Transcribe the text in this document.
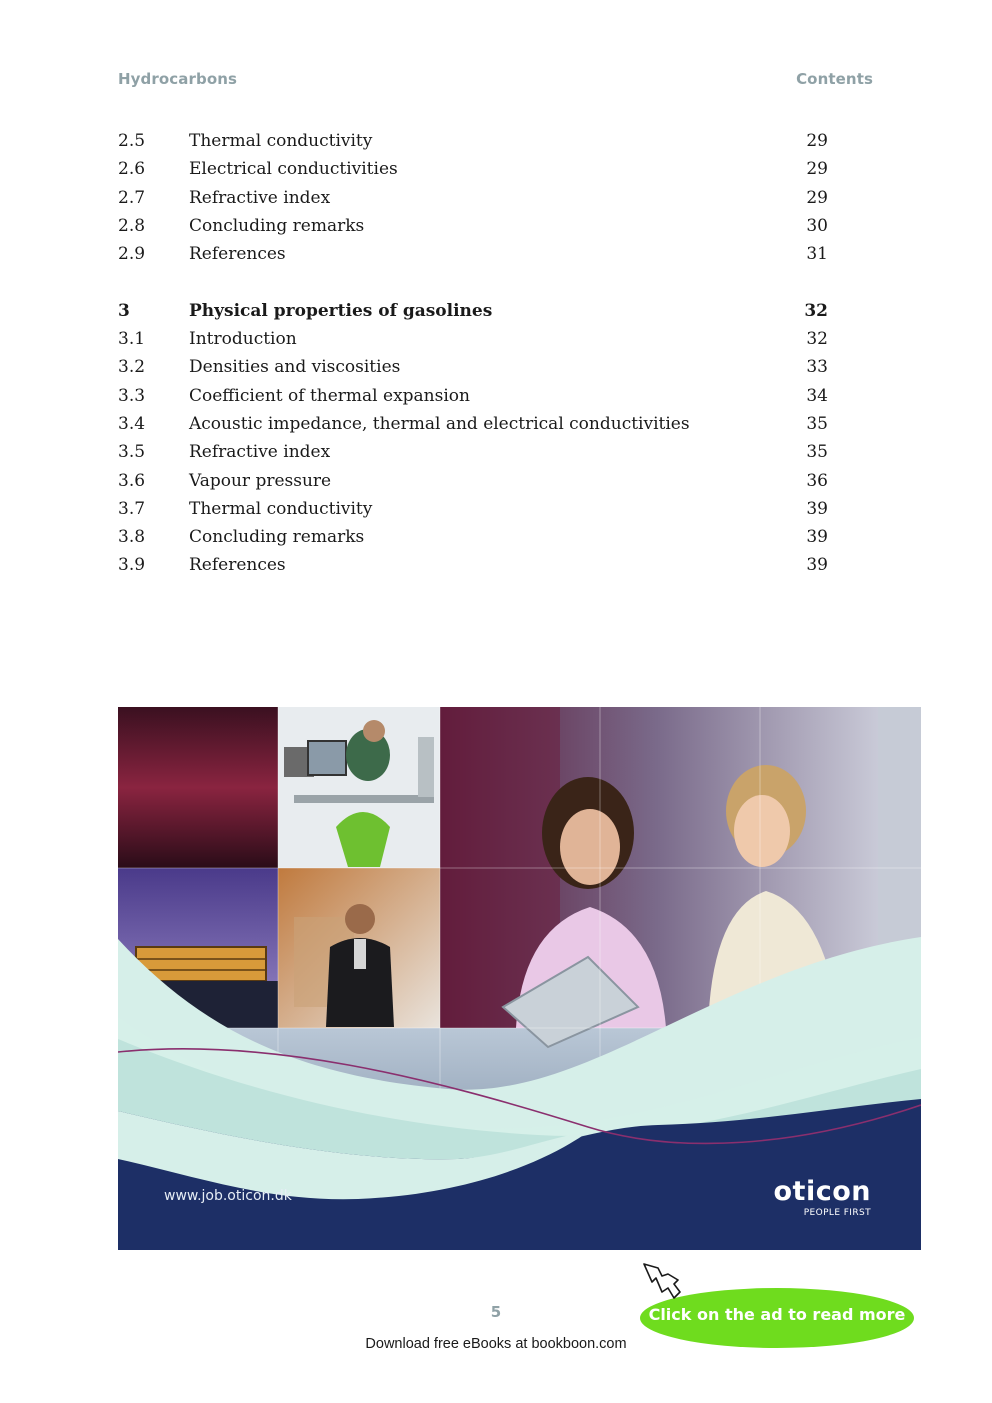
Hydrocarbons	Contents
2.5	Thermal conductivity	29
2.6	Electrical conductivities	29
2.7	Refractive index	29
2.8	Concluding remarks	30
2.9	References	31
3	Physical properties of gasolines	32
3.1	Introduction	32
3.2	Densities and viscosities	33
3.3	Coefficient of thermal expansion	34
3.4	Acoustic impedance, thermal and electrical conductivities	35
3.5	Refractive index	35
3.6	Vapour pressure	36
3.7	Thermal conductivity	39
3.8	Concluding remarks	39
3.9	References	39
www.job.oticon.dk	oticon
PEOPLE FIRST
5
Download free eBooks at bookboon.com
Click on the ad to read more
